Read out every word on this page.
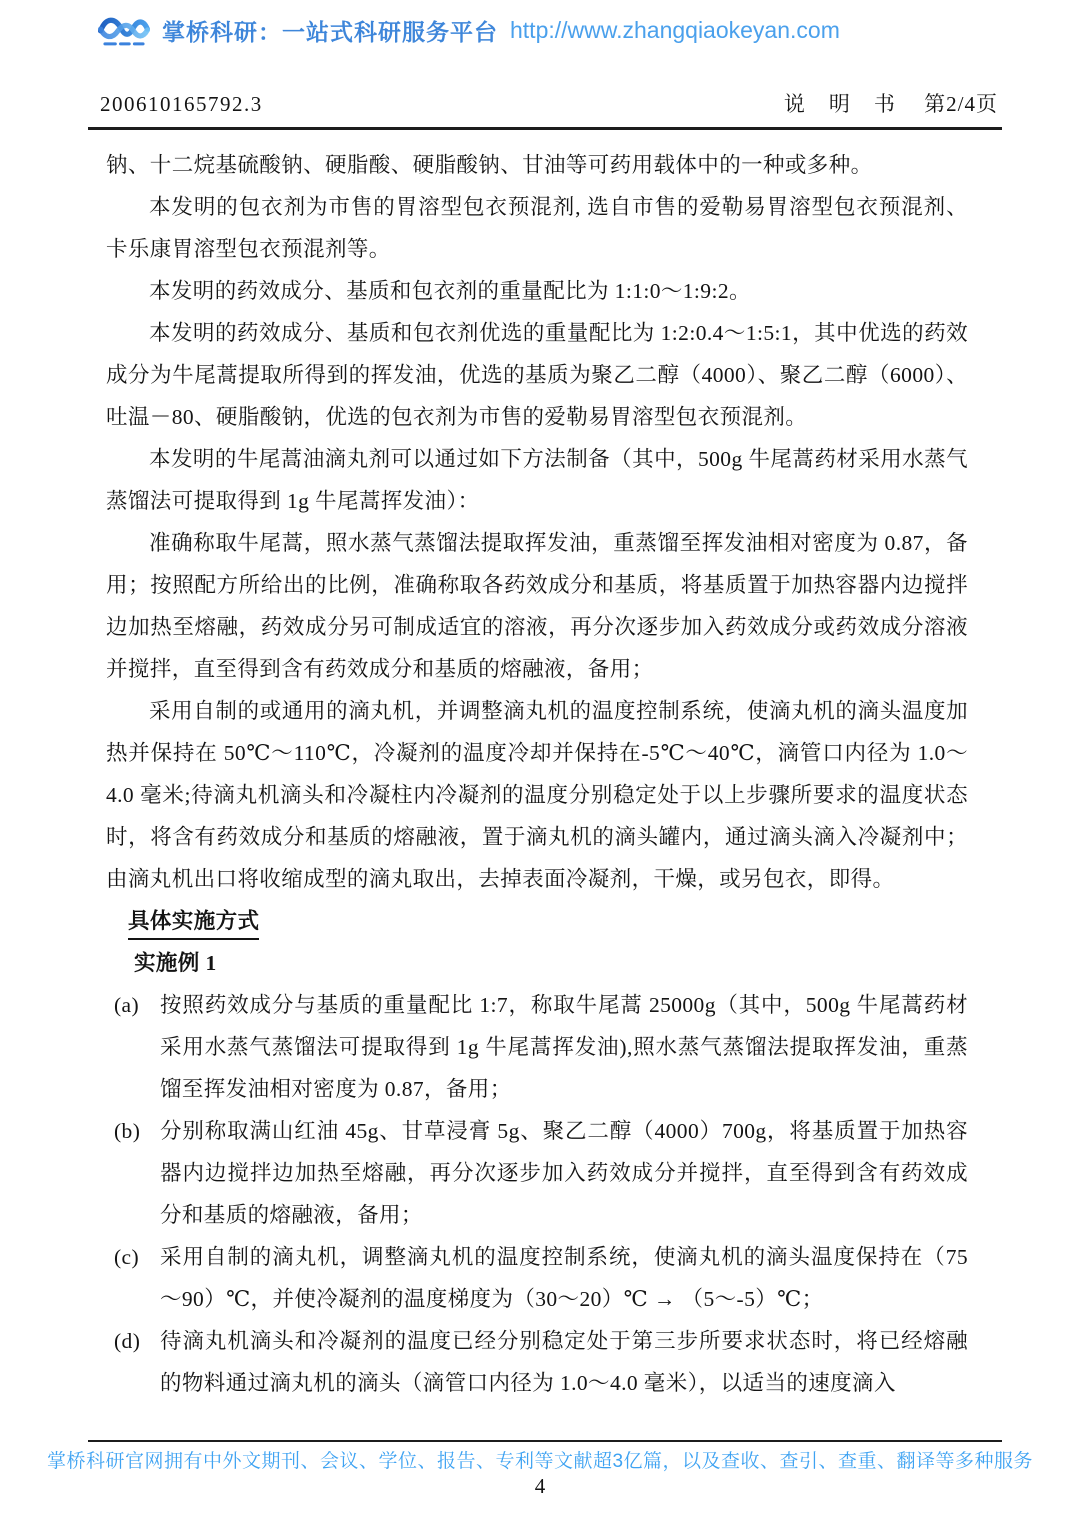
掌桥科研：一站式科研服务平台 http://www.zhangqiaokeyan.com
200610165792.3	说明书 第2/4页

钠、十二烷基硫酸钠、硬脂酸、硬脂酸钠、甘油等可药用载体中的一种或多种。

本发明的包衣剂为市售的胃溶型包衣预混剂, 选自市售的爱勒易胃溶型包衣预混剂、卡乐康胃溶型包衣预混剂等。

本发明的药效成分、基质和包衣剂的重量配比为 1:1:0～1:9:2。

本发明的药效成分、基质和包衣剂优选的重量配比为 1:2:0.4～1:5:1，其中优选的药效成分为牛尾蒿提取所得到的挥发油，优选的基质为聚乙二醇（4000）、聚乙二醇（6000）、吐温－80、硬脂酸钠，优选的包衣剂为市售的爱勒易胃溶型包衣预混剂。

本发明的牛尾蒿油滴丸剂可以通过如下方法制备（其中，500g 牛尾蒿药材采用水蒸气蒸馏法可提取得到 1g 牛尾蒿挥发油）：

准确称取牛尾蒿，照水蒸气蒸馏法提取挥发油，重蒸馏至挥发油相对密度为 0.87，备用；按照配方所给出的比例，准确称取各药效成分和基质，将基质置于加热容器内边搅拌边加热至熔融，药效成分另可制成适宜的溶液，再分次逐步加入药效成分或药效成分溶液并搅拌，直至得到含有药效成分和基质的熔融液，备用；

采用自制的或通用的滴丸机，并调整滴丸机的温度控制系统，使滴丸机的滴头温度加热并保持在 50℃～110℃，冷凝剂的温度冷却并保持在-5℃～40℃，滴管口内径为 1.0～4.0 毫米;待滴丸机滴头和冷凝柱内冷凝剂的温度分别稳定处于以上步骤所要求的温度状态时，将含有药效成分和基质的熔融液，置于滴丸机的滴头罐内，通过滴头滴入冷凝剂中；由滴丸机出口将收缩成型的滴丸取出，去掉表面冷凝剂，干燥，或另包衣，即得。

具体实施方式

实施例 1

(a) 按照药效成分与基质的重量配比 1:7，称取牛尾蒿 25000g（其中，500g 牛尾蒿药材采用水蒸气蒸馏法可提取得到 1g 牛尾蒿挥发油),照水蒸气蒸馏法提取挥发油，重蒸馏至挥发油相对密度为 0.87，备用；
(b) 分别称取满山红油 45g、甘草浸膏 5g、聚乙二醇（4000）700g，将基质置于加热容器内边搅拌边加热至熔融，再分次逐步加入药效成分并搅拌，直至得到含有药效成分和基质的熔融液，备用；
(c) 采用自制的滴丸机，调整滴丸机的温度控制系统，使滴丸机的滴头温度保持在（75～90）℃，并使冷凝剂的温度梯度为（30～20）℃ → （5～-5）℃；
(d) 待滴丸机滴头和冷凝剂的温度已经分别稳定处于第三步所要求状态时，将已经熔融的物料通过滴丸机的滴头（滴管口内径为 1.0～4.0 毫米），以适当的速度滴入
掌桥科研官网拥有中外文期刊、会议、学位、报告、专利等文献超3亿篇，以及查收、查引、查重、翻译等多种服务
4
